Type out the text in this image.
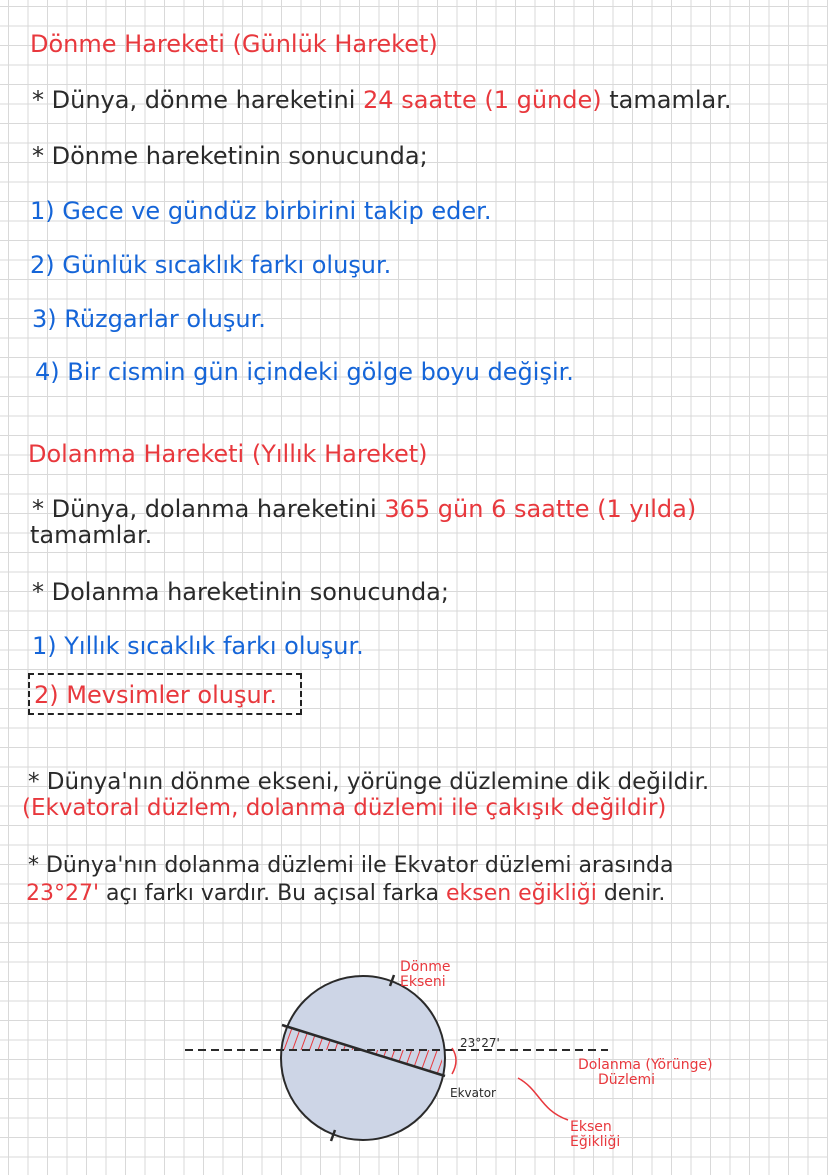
Dönme Hareketi (Günlük Hareket)
* Dünya, dönme hareketini 24 saatte (1 günde) tamamlar.
* Dönme hareketinin sonucunda;
1) Gece ve gündüz birbirini takip eder.
2) Günlük sıcaklık farkı oluşur.
3) Rüzgarlar oluşur.
4) Bir cismin gün içindeki gölge boyu değişir.
Dolanma Hareketi (Yıllık Hareket)
* Dünya, dolanma hareketini 365 gün 6 saatte (1 yılda)
tamamlar.
* Dolanma hareketinin sonucunda;
1) Yıllık sıcaklık farkı oluşur.
2) Mevsimler oluşur.
* Dünya'nın dönme ekseni, yörünge düzlemine dik değildir.
(Ekvatoral düzlem, dolanma düzlemi ile çakışık değildir)
* Dünya'nın dolanma düzlemi ile Ekvator düzlemi arasında
23°27' açı farkı vardır. Bu açısal farka eksen eğikliği denir.
Dönme
Ekseni
23°27'
Ekvator
Dolanma (Yörünge)
Düzlemi
Eksen
Eğikliği
